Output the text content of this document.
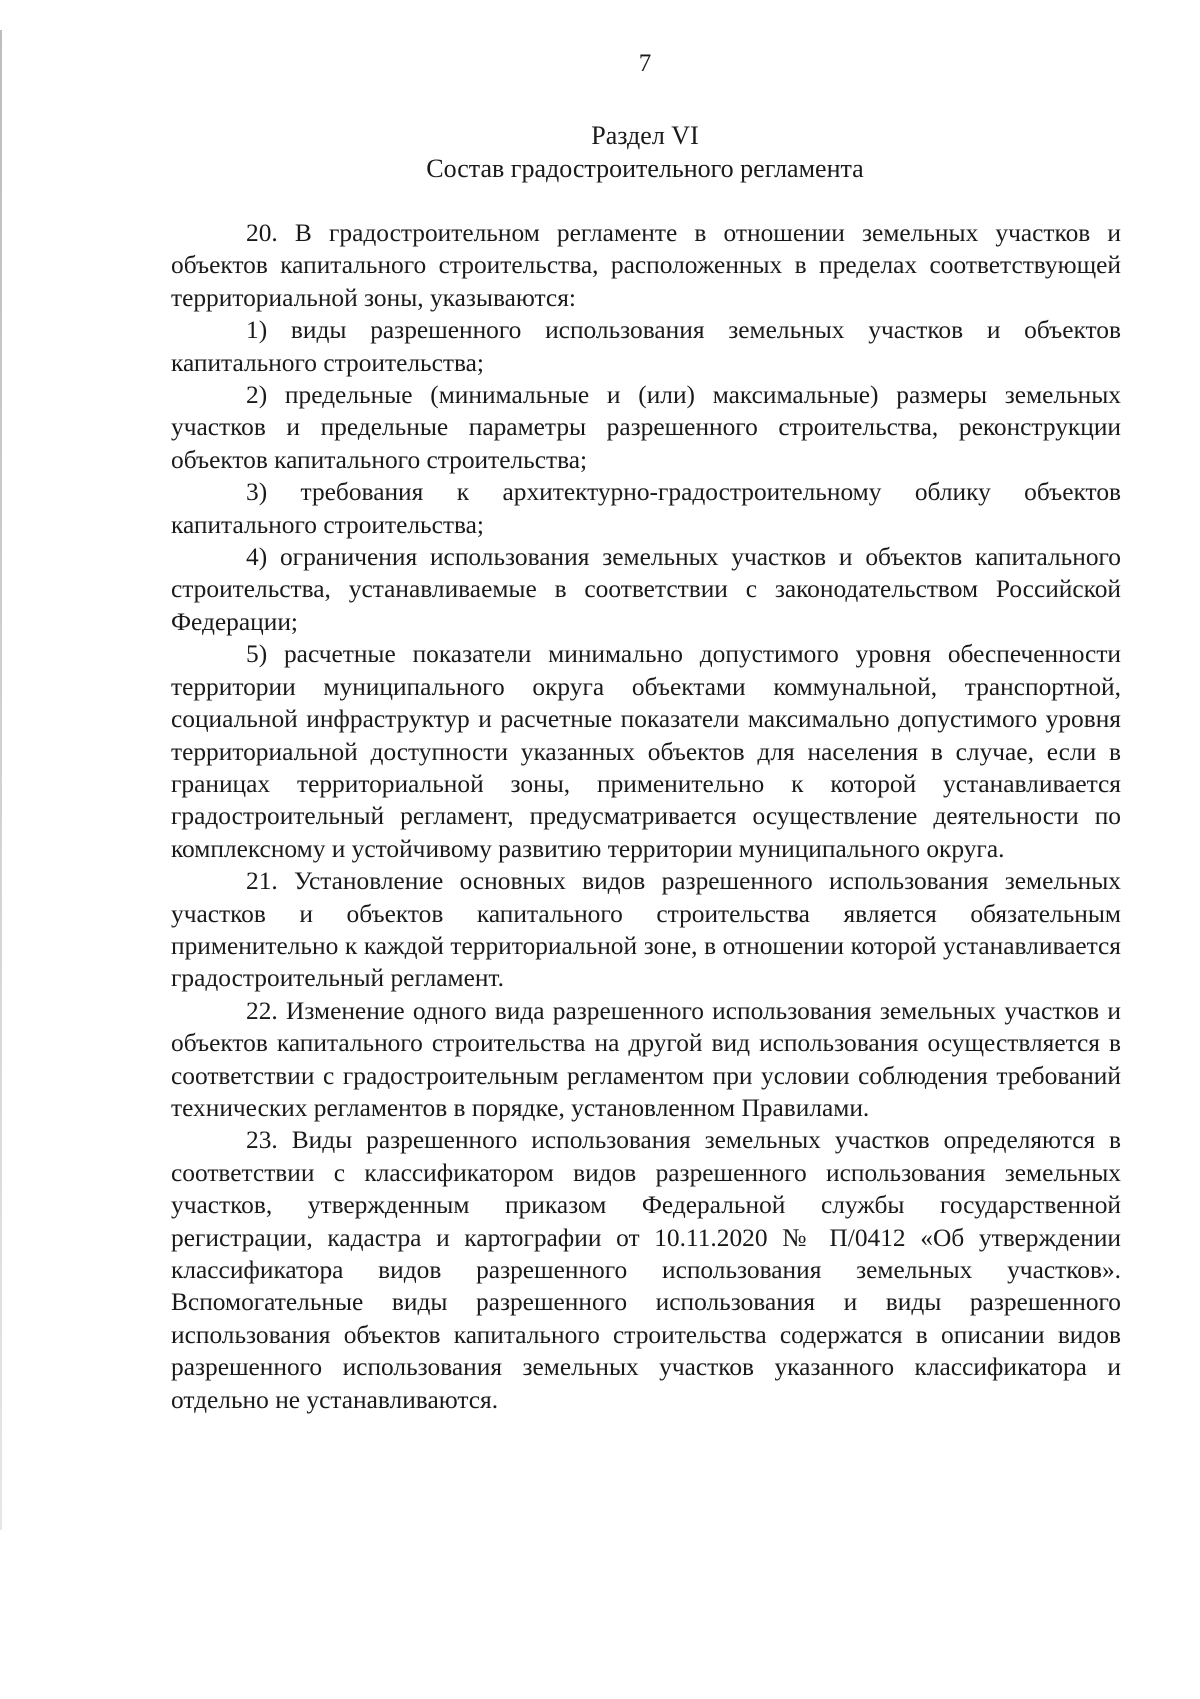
7
Раздел VI
Состав градостроительного регламента

20. В градостроительном регламенте в отношении земельных участков и объектов капитального строительства, расположенных в пределах соответствующей территориальной зоны, указываются:

1) виды разрешенного использования земельных участков и объектов капитального строительства;

2) предельные (минимальные и (или) максимальные) размеры земельных участков и предельные параметры разрешенного строительства, реконструкции объектов капитального строительства;

3) требования к архитектурно-градостроительному облику объектов капитального строительства;

4) ограничения использования земельных участков и объектов капитального строительства, устанавливаемые в соответствии с законодательством Российской Федерации;

5) расчетные показатели минимально допустимого уровня обеспеченности территории муниципального округа объектами коммунальной, транспортной, социальной инфраструктур и расчетные показатели максимально допустимого уровня территориальной доступности указанных объектов для населения в случае, если в границах территориальной зоны, применительно к которой устанавливается градостроительный регламент, предусматривается осуществление деятельности по комплексному и устойчивому развитию территории муниципального округа.

21. Установление основных видов разрешенного использования земельных участков и объектов капитального строительства является обязательным применительно к каждой территориальной зоне, в отношении которой устанавливается градостроительный регламент.

22. Изменение одного вида разрешенного использования земельных участков и объектов капитального строительства на другой вид использования осуществляется в соответствии с градостроительным регламентом при условии соблюдения требований технических регламентов в порядке, установленном Правилами.

23. Виды разрешенного использования земельных участков определяются в соответствии с классификатором видов разрешенного использования земельных участков, утвержденным приказом Федеральной службы государственной регистрации, кадастра и картографии от 10.11.2020 № П/0412 «Об утверждении классификатора видов разрешенного использования земельных участков». Вспомогательные виды разрешенного использования и виды разрешенного использования объектов капитального строительства содержатся в описании видов разрешенного использования земельных участков указанного классификатора и отдельно не устанавливаются.
